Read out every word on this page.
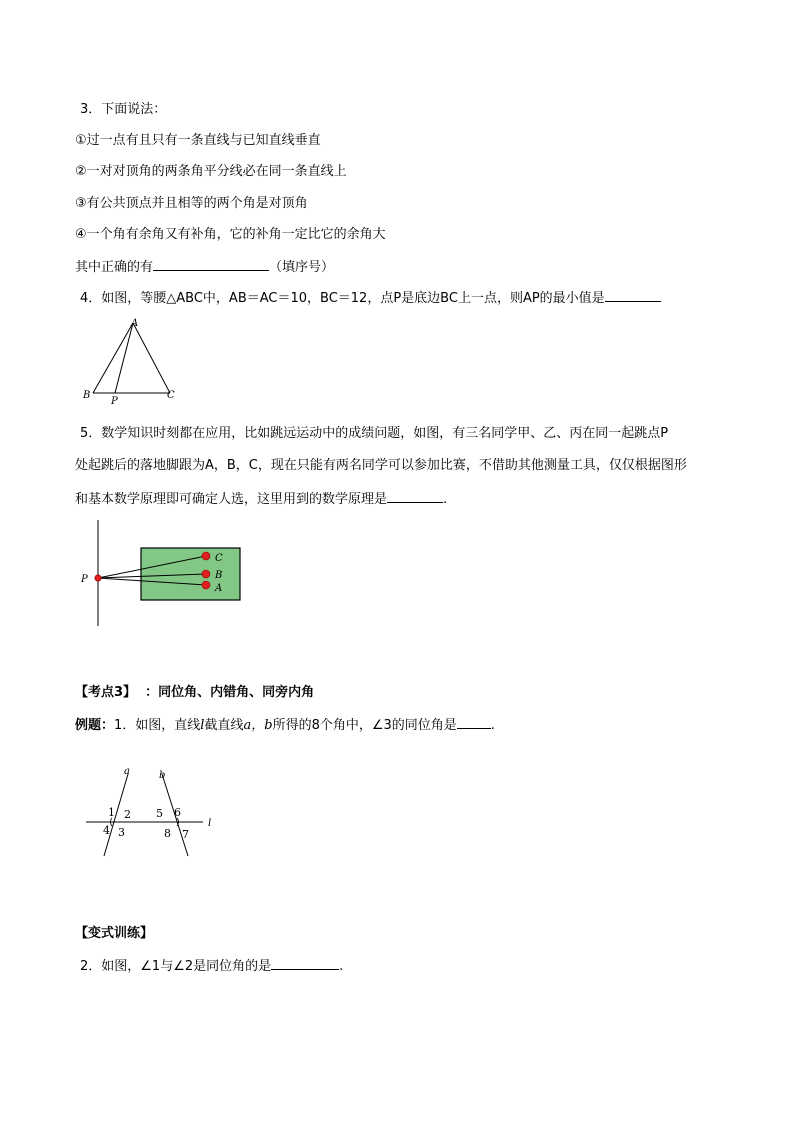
3．下面说法：
①过一点有且只有一条直线与已知直线垂直
②一对对顶角的两条角平分线必在同一条直线上
③有公共顶点并且相等的两个角是对顶角
④一个角有余角又有补角，它的补角一定比它的余角大
其中正确的有	（填序号）
4．如图，等腰△ABC中，AB＝AC＝10，BC＝12，点P是底边BC上一点，则AP的最小值是
A
B	C
P
5．数学知识时刻都在应用，比如跳远运动中的成绩问题，如图，有三名同学甲、乙、丙在同一起跳点P
处起跳后的落地脚跟为A，B，C，现在只能有两名同学可以参加比赛，不借助其他测量工具，仅仅根据图形
和基本数学原理即可确定人选，这里用到的数学原理是	.
P
C
B
A
【考点3】 ：同位角、内错角、同旁内角
例题：1．如图，直线l截直线a，b所得的8个角中，∠3的同位角是	.
a	b
l
1 2
3
4
5 6
7
8
【变式训练】
2．如图，∠1与∠2是同位角的是	.
